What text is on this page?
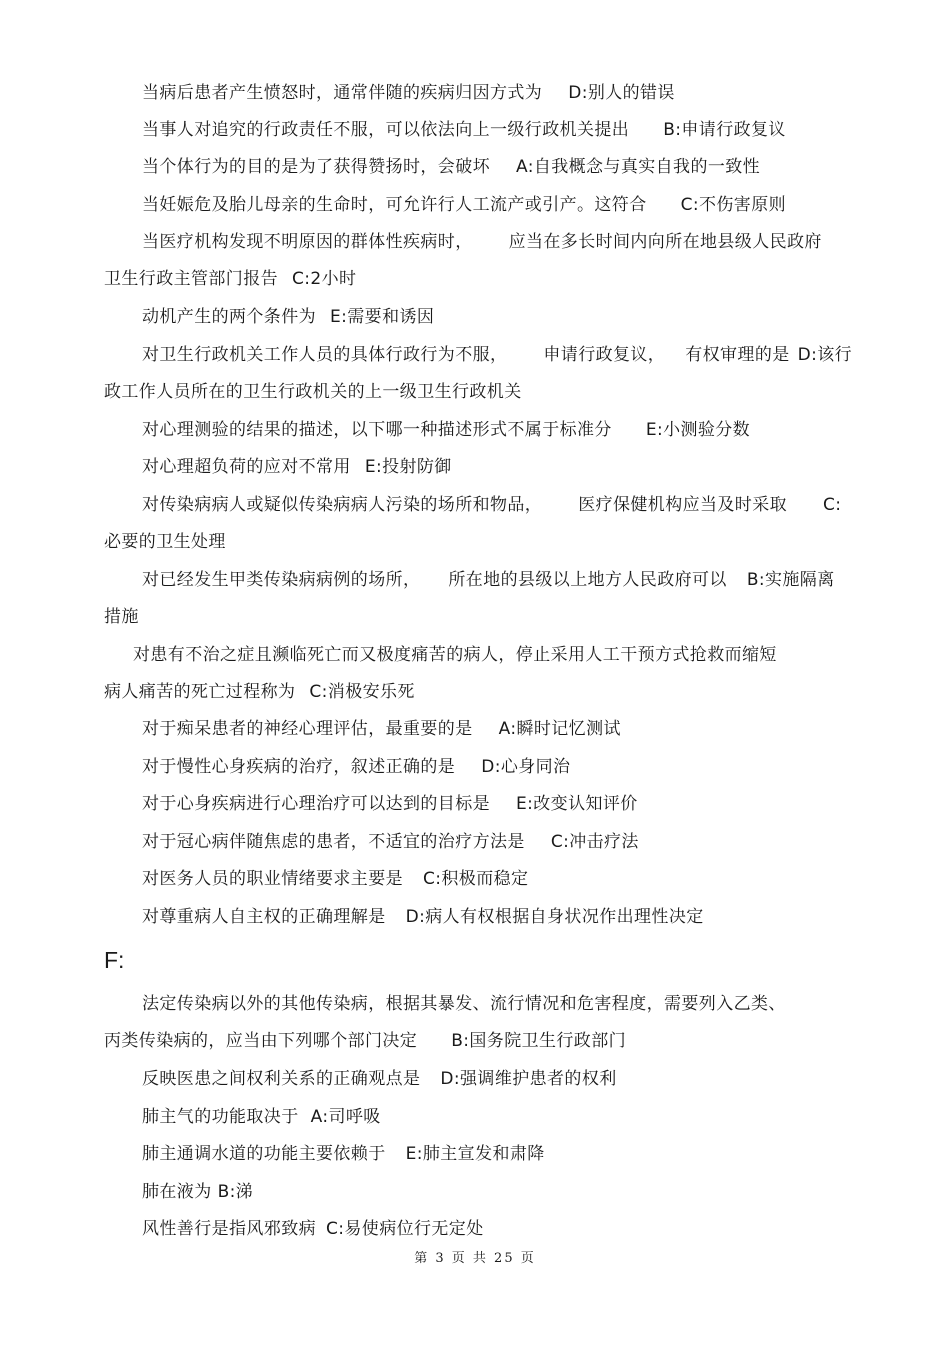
当病后患者产生愤怒时，通常伴随的疾病归因方式为 D:别人的错误
当事人对追究的行政责任不服，可以依法向上一级行政机关提出 B:申请行政复议
当个体行为的目的是为了获得赞扬时，会破坏 A:自我概念与真实自我的一致性
当妊娠危及胎儿母亲的生命时，可允许行人工流产或引产。这符合 C:不伤害原则
当医疗机构发现不明原因的群体性疾病时， 应当在多长时间内向所在地县级人民政府
卫生行政主管部门报告 C:2小时
动机产生的两个条件为 E:需要和诱因
对卫生行政机关工作人员的具体行政行为不服， 申请行政复议， 有权审理的是 D:该行
政工作人员所在的卫生行政机关的上一级卫生行政机关
对心理测验的结果的描述，以下哪一种描述形式不属于标准分 E:小测验分数
对心理超负荷的应对不常用 E:投射防御
对传染病病人或疑似传染病病人污染的场所和物品， 医疗保健机构应当及时采取 C:
必要的卫生处理
对已经发生甲类传染病病例的场所， 所在地的县级以上地方人民政府可以 B:实施隔离
措施
对患有不治之症且濒临死亡而又极度痛苦的病人，停止采用人工干预方式抢救而缩短
病人痛苦的死亡过程称为 C:消极安乐死
对于痴呆患者的神经心理评估，最重要的是 A:瞬时记忆测试
对于慢性心身疾病的治疗，叙述正确的是 D:心身同治
对于心身疾病进行心理治疗可以达到的目标是 E:改变认知评价
对于冠心病伴随焦虑的患者，不适宜的治疗方法是 C:冲击疗法
对医务人员的职业情绪要求主要是 C:积极而稳定
对尊重病人自主权的正确理解是 D:病人有权根据自身状况作出理性决定
F:
法定传染病以外的其他传染病，根据其暴发、流行情况和危害程度，需要列入乙类、
丙类传染病的，应当由下列哪个部门决定 B:国务院卫生行政部门
反映医患之间权利关系的正确观点是 D:强调维护患者的权利
肺主气的功能取决于 A:司呼吸
肺主通调水道的功能主要依赖于 E:肺主宣发和肃降
肺在液为 B:涕
风性善行是指风邪致病 C:易使病位行无定处
第 3 页 共 25 页
